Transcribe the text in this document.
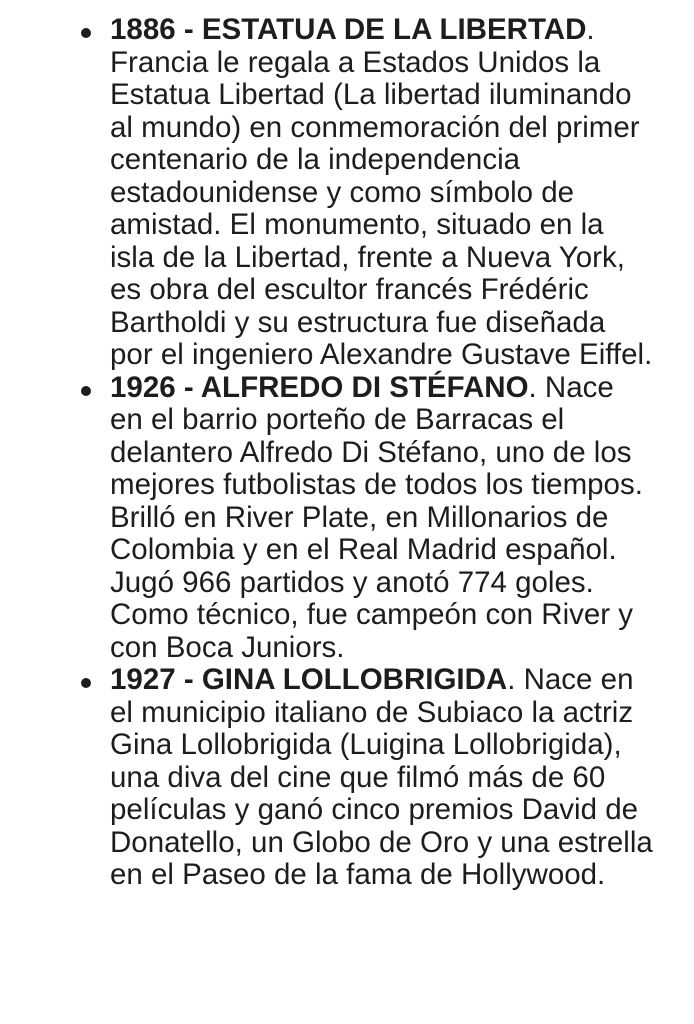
1886 - ESTATUA DE LA LIBERTAD. Francia le regala a Estados Unidos la Estatua Libertad (La libertad iluminando al mundo) en conmemoración del primer centenario de la independencia estadounidense y como símbolo de amistad. El monumento, situado en la isla de la Libertad, frente a Nueva York, es obra del escultor francés Frédéric Bartholdi y su estructura fue diseñada por el ingeniero Alexandre Gustave Eiffel.
1926 - ALFREDO DI STÉFANO. Nace en el barrio porteño de Barracas el delantero Alfredo Di Stéfano, uno de los mejores futbolistas de todos los tiempos. Brilló en River Plate, en Millonarios de Colombia y en el Real Madrid español. Jugó 966 partidos y anotó 774 goles. Como técnico, fue campeón con River y con Boca Juniors.
1927 - GINA LOLLOBRIGIDA. Nace en el municipio italiano de Subiaco la actriz Gina Lollobrigida (Luigina Lollobrigida), una diva del cine que filmó más de 60 películas y ganó cinco premios David de Donatello, un Globo de Oro y una estrella en el Paseo de la fama de Hollywood.
